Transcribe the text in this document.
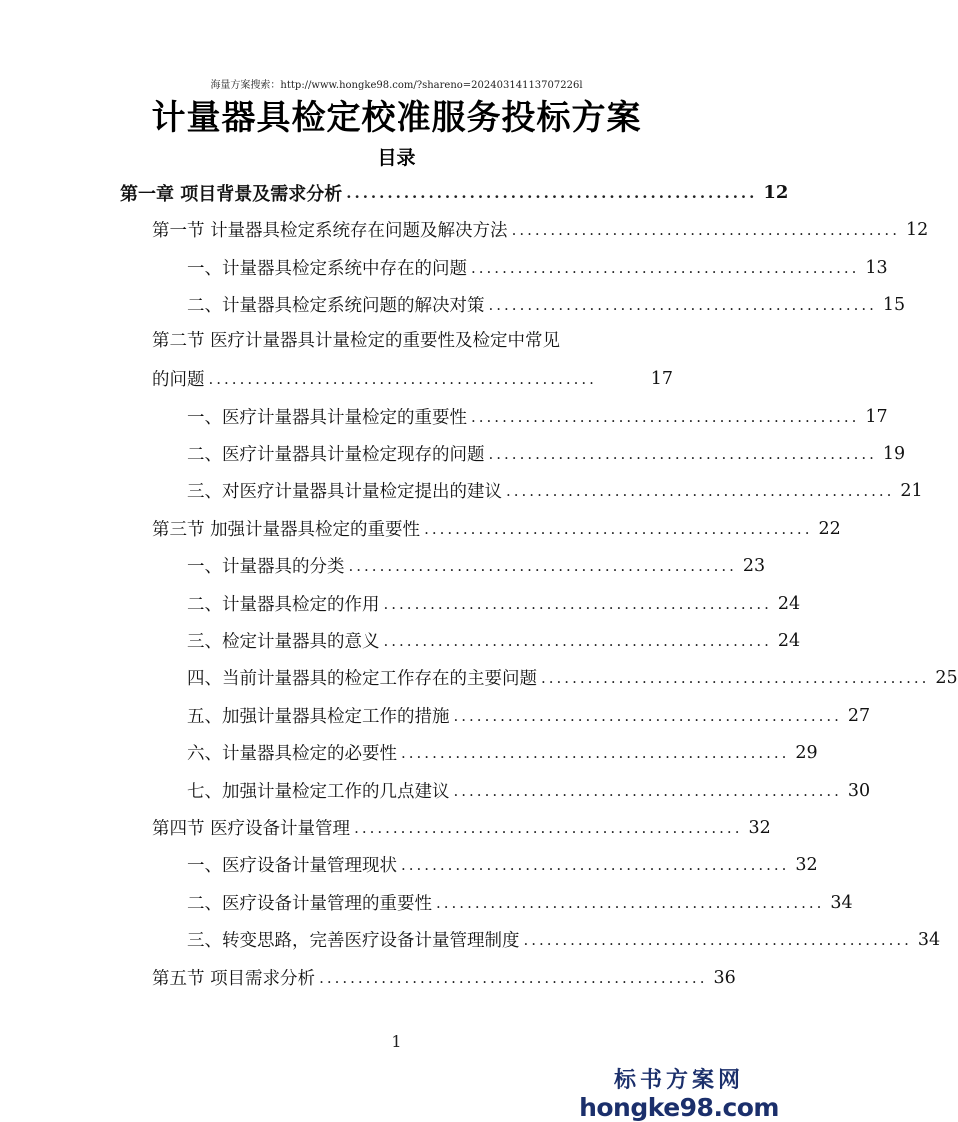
海量方案搜索：http://www.hongke98.com/?shareno=20240314113707226l
计量器具检定校准服务投标方案
目录
第一章 项目背景及需求分析 .................................................. 12
第一节 计量器具检定系统存在问题及解决方法 .................................................. 12
一、计量器具检定系统中存在的问题 .................................................. 13
二、计量器具检定系统问题的解决对策 .................................................. 15
第二节 医疗计量器具计量检定的重要性及检定中常见
的问题 ..................................................	17
一、医疗计量器具计量检定的重要性 .................................................. 17
二、医疗计量器具计量检定现存的问题 .................................................. 19
三、对医疗计量器具计量检定提出的建议 .................................................. 21
第三节 加强计量器具检定的重要性 .................................................. 22
一、计量器具的分类 .................................................. 23
二、计量器具检定的作用 .................................................. 24
三、检定计量器具的意义 .................................................. 24
四、当前计量器具的检定工作存在的主要问题 .................................................. 25
五、加强计量器具检定工作的措施 .................................................. 27
六、计量器具检定的必要性 .................................................. 29
七、加强计量检定工作的几点建议 .................................................. 30
第四节 医疗设备计量管理 .................................................. 32
一、医疗设备计量管理现状 .................................................. 32
二、医疗设备计量管理的重要性 .................................................. 34
三、转变思路，完善医疗设备计量管理制度 .................................................. 34
第五节 项目需求分析 .................................................. 36
1
标书方案网
hongke98.com
